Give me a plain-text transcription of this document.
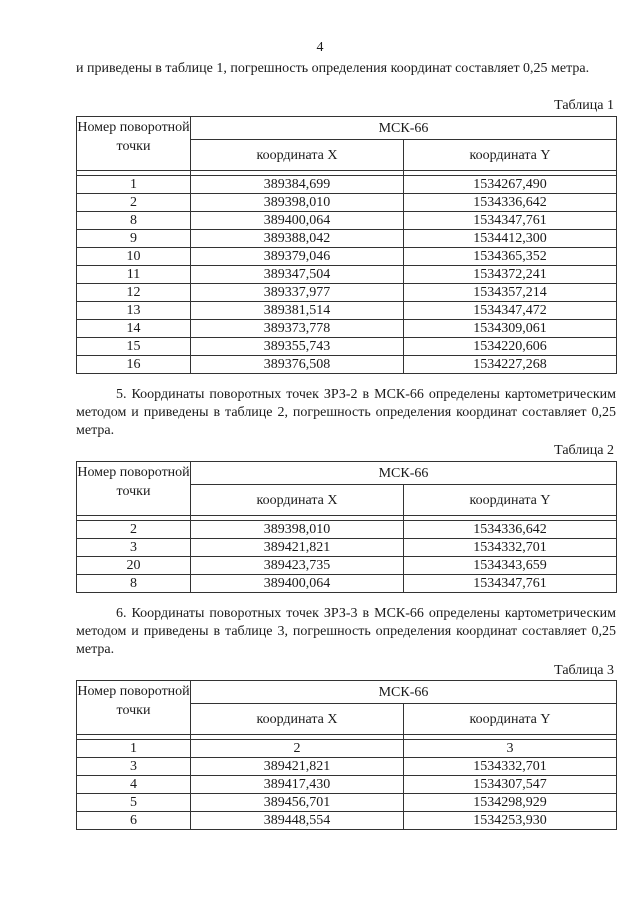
4
и приведены в таблице 1, погрешность определения координат составляет 0,25 метра.
Таблица 1
Номер поворотной точки	МСК-66	
	координата X	координата Y

1	389384,699	1534267,490
2	389398,010	1534336,642
8	389400,064	1534347,761
9	389388,042	1534412,300
10	389379,046	1534365,352
11	389347,504	1534372,241
12	389337,977	1534357,214
13	389381,514	1534347,472
14	389373,778	1534309,061
15	389355,743	1534220,606
16	389376,508	1534227,268
5. Координаты поворотных точек ЗРЗ-2 в МСК-66 определены картометрическим методом и приведены в таблице 2, погрешность определения координат составляет 0,25 метра.
Таблица 2
Номер поворотной точки	МСК-66	
	координата X	координата Y

2	389398,010	1534336,642
3	389421,821	1534332,701
20	389423,735	1534343,659
8	389400,064	1534347,761
6. Координаты поворотных точек ЗРЗ-3 в МСК-66 определены картометрическим методом и приведены в таблице 3, погрешность определения координат составляет 0,25 метра.
Таблица 3
Номер поворотной точки	МСК-66	
	координата X	координата Y

1	2	3
3	389421,821	1534332,701
4	389417,430	1534307,547
5	389456,701	1534298,929
6	389448,554	1534253,930
